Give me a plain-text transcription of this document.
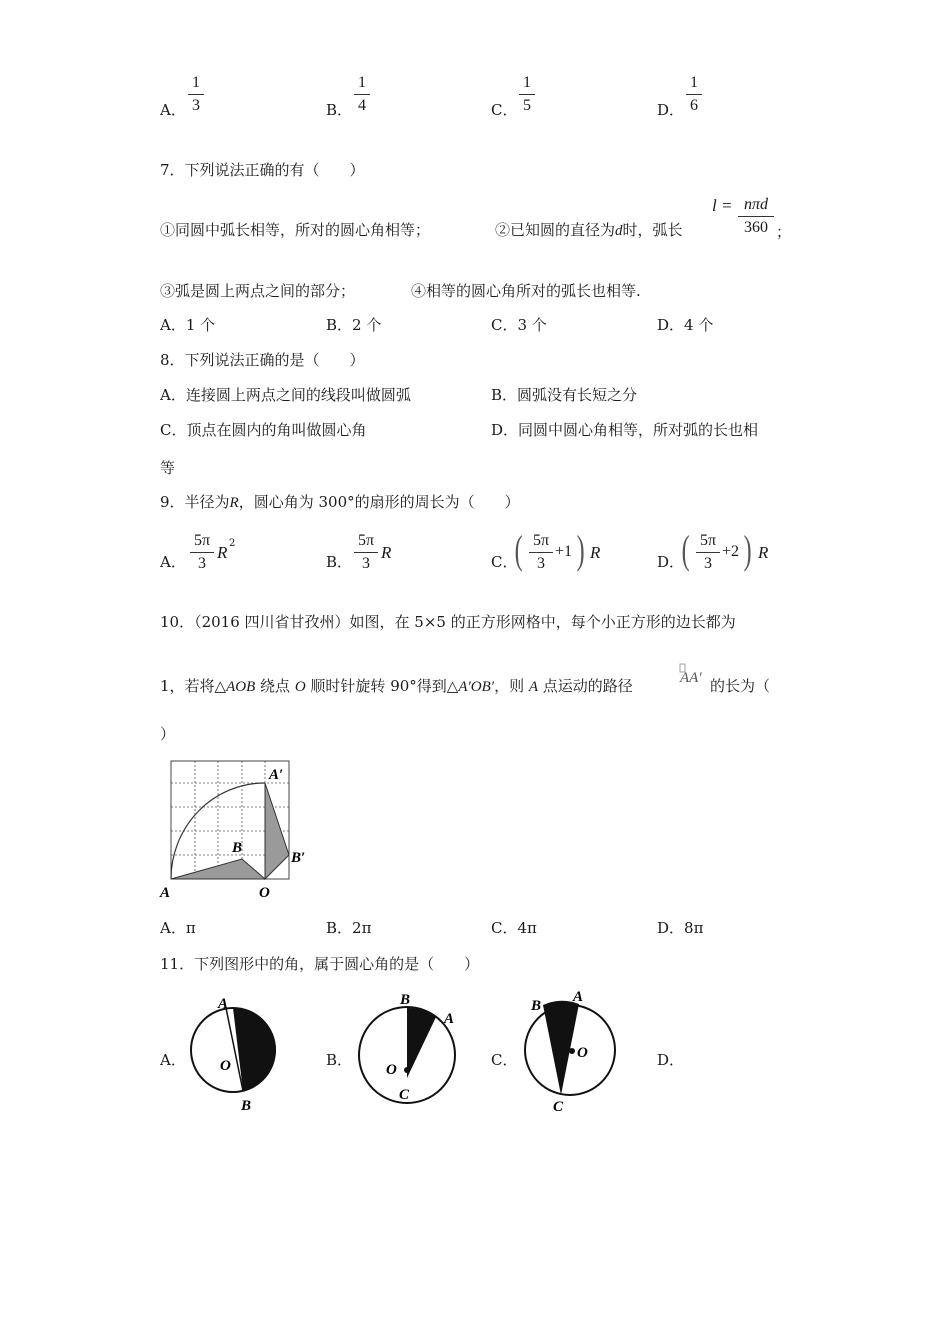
A．
1
3	B．
1
4	C．
1
5	D．
1
6
7．下列说法正确的有（　　）
①同圆中弧长相等，所对的圆心角相等；	②已知圆的直径为d时，弧长
l = nπd
360 ；
③弧是圆上两点之间的部分；	④相等的圆心角所对的弧长也相等.
A．1 个	B．2 个	C．3 个	D．4 个
8．下列说法正确的是（　　）
A．连接圆上两点之间的线段叫做圆弧	B．圆弧没有长短之分
C．顶点在圆内的角叫做圆心角	D．同圆中圆心角相等，所对弧的长也相
等
9．半径为R，圆心角为 300°的扇形的周长为（　　）
A．
5π
3
R 2
B．
5π
3
R	C．
( 5π
3
+1 ) R	D．
( 5π
3
+2 ) R
10．（2016 四川省甘孜州）如图，在 5×5 的正方形网格中，每个小正方形的边长都为
1，若将△AOB 绕点 O 顺时针旋转 90°得到△A′OB′，则 A 点运动的路径	AA′ 的长为（
）
A
B
O
A′
B′
A．π	B．2π	C．4π	D．8π
11．下列图形中的角，属于圆心角的是（　　）
A．
A
O
B
B．
B
A
O
C
C．
B
A
O
C
D．
